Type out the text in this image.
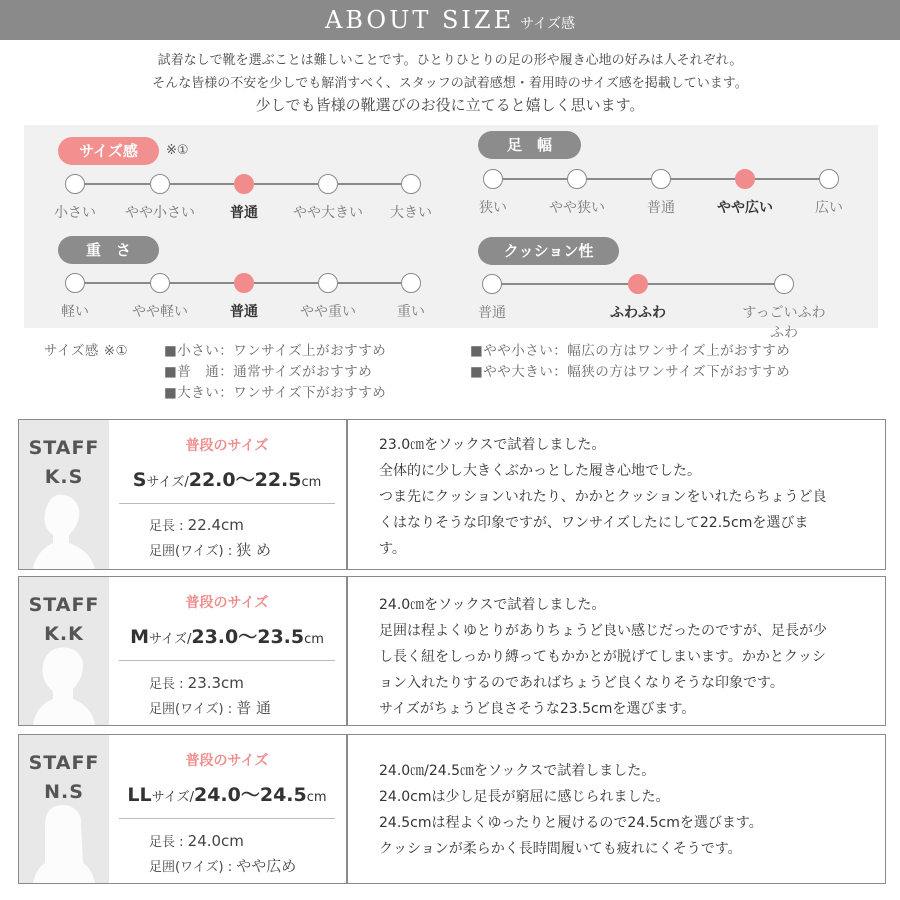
ABOUT SIZE サイズ感
試着なしで靴を選ぶことは難しいことです。ひとりひとりの足の形や履き心地の好みは人それぞれ。
そんな皆様の不安を少しでも解消すべく、スタッフの試着感想・着用時のサイズ感を掲載しています。
少しでも皆様の靴選びのお役に立てると嬉しく思います。
サイズ感	※①
小さい	やや小さい	普通	やや大きい	大きい
足　幅
狭い	やや狭い	普通	やや広い	広い
重　さ
軽い	やや軽い	普通	やや重い	重い
クッション性
普通	ふわふわ	すっごいふわふわ
サイズ感 ※①	■小さい：ワンサイズ上がおすすめ
■普　通：通常サイズがおすすめ
■大きい：ワンサイズ下がおすすめ
■やや小さい：幅広の方はワンサイズ上がおすすめ
■やや大きい：幅狭の方はワンサイズ下がおすすめ
STAFF
K.S
普段のサイズ
Sサイズ/22.0〜22.5cm
足長 : 22.4cm
足囲(ワイズ) : 狭 め
23.0㎝をソックスで試着しました。
全体的に少し大きくぶかっとした履き心地でした。
つま先にクッションいれたり、かかとクッションをいれたらちょうど良
くはなりそうな印象ですが、ワンサイズしたにして22.5cmを選びま
す。
STAFF
K.K
普段のサイズ
Mサイズ/23.0〜23.5cm
足長 : 23.3cm
足囲(ワイズ) : 普 通
24.0㎝をソックスで試着しました。
足囲は程よくゆとりがありちょうど良い感じだったのですが、足長が少
し長く紐をしっかり縛ってもかかとが脱げてしまいます。かかとクッシ
ョン入れたりするのであればちょうど良くなりそうな印象です。
サイズがちょうど良さそうな23.5cmを選びます。
STAFF
N.S
普段のサイズ
LLサイズ/24.0〜24.5cm
足長 : 24.0cm
足囲(ワイズ) : やや広め
24.0㎝/24.5㎝をソックスで試着しました。
24.0cmは少し足長が窮屈に感じられました。
24.5cmは程よくゆったりと履けるので24.5cmを選びます。
クッションが柔らかく長時間履いても疲れにくそうです。
